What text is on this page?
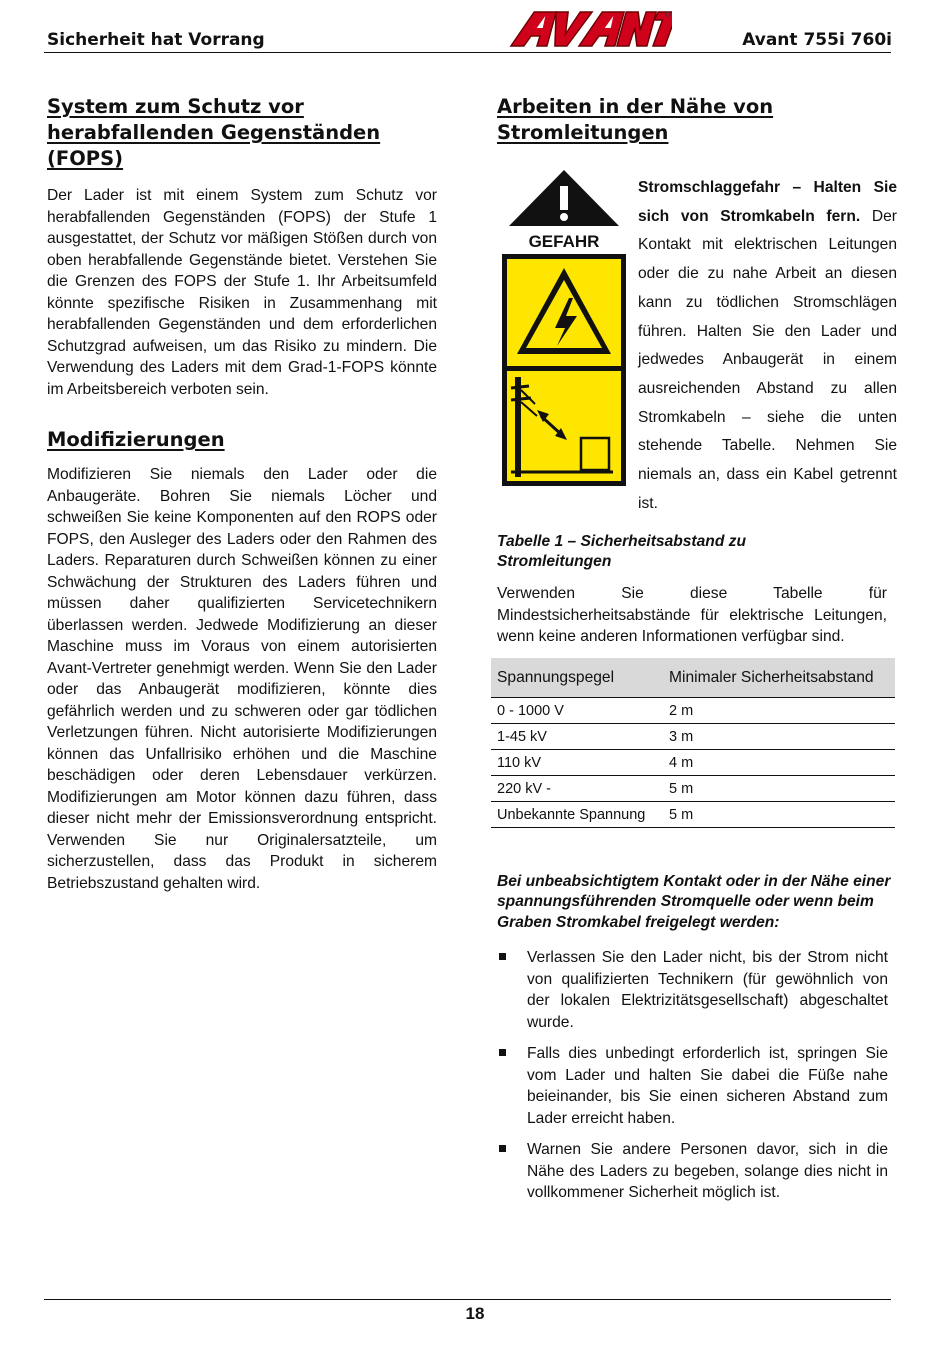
Sicherheit hat Vorrang	Avant 755i 760i
System zum Schutz vor
herabfallenden Gegenständen (FOPS)

Der Lader ist mit einem System zum Schutz vor herabfallenden Gegenständen (FOPS) der Stufe 1 ausgestattet, der Schutz vor mäßigen Stößen durch von oben herabfallende Gegenstände bietet. Verstehen Sie die Grenzen des FOPS der Stufe 1. Ihr Arbeitsumfeld könnte spezifische Risiken in Zusammenhang mit herabfallenden Gegenständen und dem erforderlichen Schutzgrad aufweisen, um das Risiko zu mindern. Die Verwendung des Laders mit dem Grad-1-FOPS könnte im Arbeitsbereich verboten sein.

Modifizierungen

Modifizieren Sie niemals den Lader oder die Anbaugeräte. Bohren Sie niemals Löcher und schweißen Sie keine Komponenten auf den ROPS oder FOPS, den Ausleger des Laders oder den Rahmen des Laders. Reparaturen durch Schweißen können zu einer Schwächung der Strukturen des Laders führen und müssen daher qualifizierten Servicetechnikern überlassen werden. Jedwede Modifizierung an dieser Maschine muss im Voraus von einem autorisierten Avant-Vertreter genehmigt werden. Wenn Sie den Lader oder das Anbaugerät modifizieren, könnte dies gefährlich werden und zu schweren oder gar tödlichen Verletzungen führen. Nicht autorisierte Modifizierungen können das Unfallrisiko erhöhen und die Maschine beschädigen oder deren Lebensdauer verkürzen. Modifizierungen am Motor können dazu führen, dass dieser nicht mehr der Emissionsverordnung entspricht. Verwenden Sie nur Originalersatzteile, um sicherzustellen, dass das Produkt in sicherem Betriebszustand gehalten wird.

Arbeiten in der Nähe von
Stromleitungen
GEFAHR
Stromschlaggefahr – Halten Sie sich von Stromkabeln fern. Der Kontakt mit elektrischen Leitungen oder die zu nahe Arbeit an diesen kann zu tödlichen Stromschlägen führen. Halten Sie den Lader und jedwedes Anbaugerät in einem ausreichenden Abstand zu allen Stromkabeln – siehe die unten stehende Tabelle. Nehmen Sie niemals an, dass ein Kabel getrennt ist.

Tabelle 1 – Sicherheitsabstand zu
Stromleitungen

Verwenden Sie diese Tabelle für Mindestsicherheitsabstände für elektrische Leitungen, wenn keine anderen Informationen verfügbar sind.

Spannungspegel	Minimaler Sicherheitsabstand
0 - 1000 V	2 m
1-45 kV	3 m
110 kV	4 m
220 kV -	5 m
Unbekannte Spannung	5 m

Bei unbeabsichtigtem Kontakt oder in der Nähe einer spannungsführenden Stromquelle oder wenn beim Graben Stromkabel freigelegt werden:

Verlassen Sie den Lader nicht, bis der Strom nicht von qualifizierten Technikern (für gewöhnlich von der lokalen Elektrizitätsgesellschaft) abgeschaltet wurde.
Falls dies unbedingt erforderlich ist, springen Sie vom Lader und halten Sie dabei die Füße nahe beieinander, bis Sie einen sicheren Abstand zum Lader erreicht haben.
Warnen Sie andere Personen davor, sich in die Nähe des Laders zu begeben, solange dies nicht in vollkommener Sicherheit möglich ist.
18
